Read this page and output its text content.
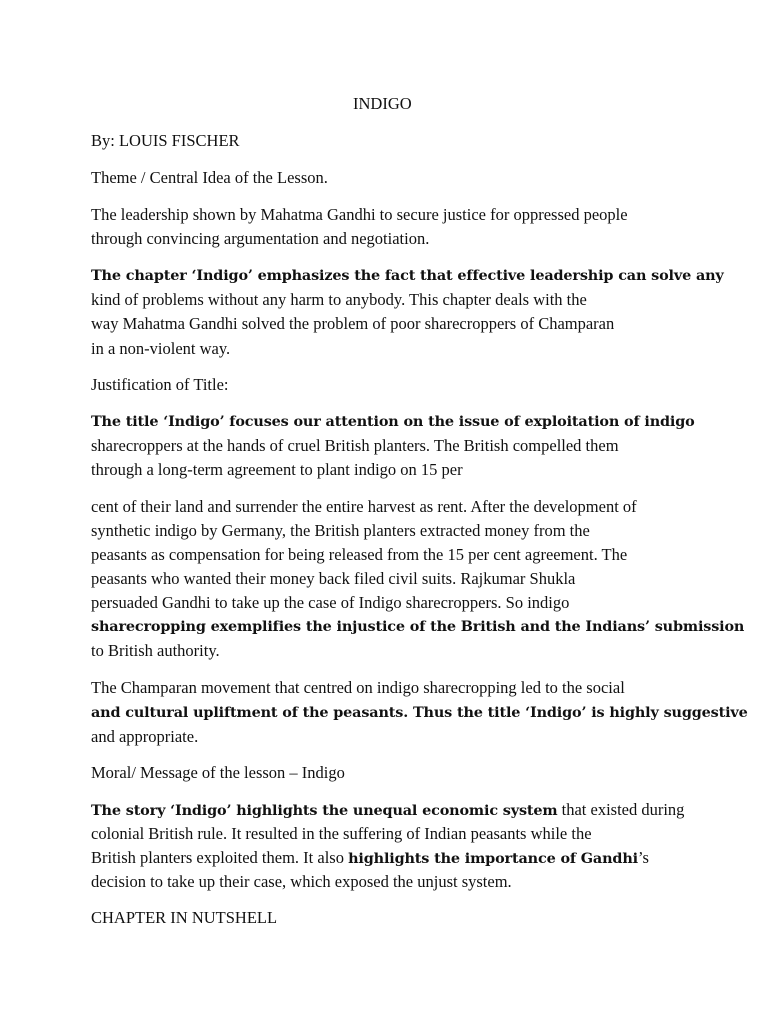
INDIGO

By: LOUIS FISCHER

Theme / Central Idea of the Lesson.

The leadership shown by Mahatma Gandhi to secure justice for oppressed people

through convincing argumentation and negotiation.

The chapter ‘Indigo’ emphasizes the fact that effective leadership can solve any

kind of problems without any harm to anybody. This chapter deals with the

way Mahatma Gandhi solved the problem of poor sharecroppers of Champaran

in a non-violent way.

Justification of Title:

The title ‘Indigo’ focuses our attention on the issue of exploitation of indigo

sharecroppers at the hands of cruel British planters. The British compelled them

through a long-term agreement to plant indigo on 15 per

cent of their land and surrender the entire harvest as rent. After the development of

synthetic indigo by Germany, the British planters extracted money from the

peasants as compensation for being released from the 15 per cent agreement. The

peasants who wanted their money back filed civil suits. Rajkumar Shukla

persuaded Gandhi to take up the case of Indigo sharecroppers. So indigo

sharecropping exemplifies the injustice of the British and the Indians’ submission

to British authority.

The Champaran movement that centred on indigo sharecropping led to the social

and cultural upliftment of the peasants. Thus the title ‘Indigo’ is highly suggestive

and appropriate.

Moral/ Message of the lesson – Indigo

The story ‘Indigo’ highlights the unequal economic system that existed during

colonial British rule. It resulted in the suffering of Indian peasants while the

British planters exploited them. It also highlights the importance of Gandhi’s

decision to take up their case, which exposed the unjust system.

CHAPTER IN NUTSHELL
